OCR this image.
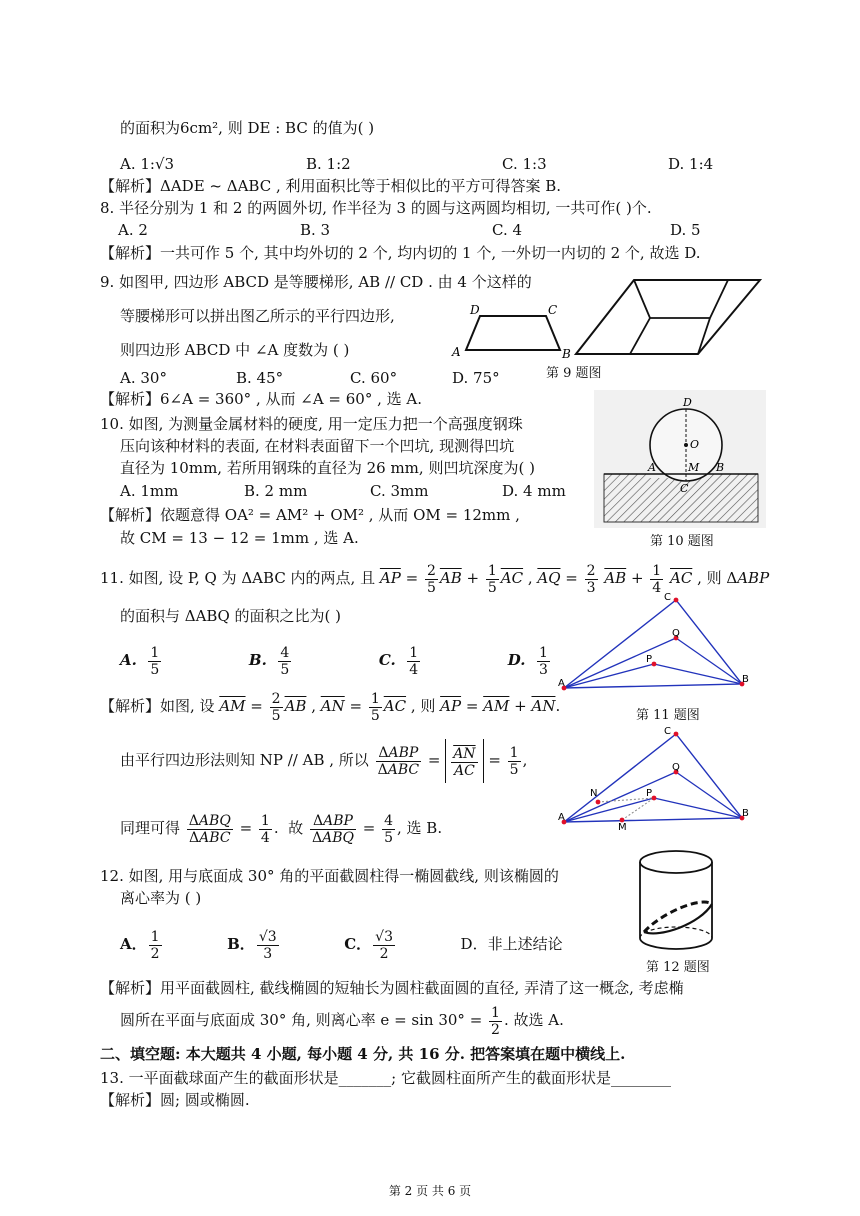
的面积为6cm², 则 DE : BC 的值为( )
A. 1:√3	B. 1:2	C. 1:3	D. 1:4
【解析】ΔADE ~ ΔABC , 利用面积比等于相似比的平方可得答案 B.
8. 半径分别为 1 和 2 的两圆外切, 作半径为 3 的圆与这两圆均相切, 一共可作( )个.
A. 2	B. 3	C. 4	D. 5
【解析】一共可作 5 个, 其中均外切的 2 个, 均内切的 1 个, 一外切一内切的 2 个, 故选 D.
9. 如图甲, 四边形 ABCD 是等腰梯形, AB // CD . 由 4 个这样的
等腰梯形可以拼出图乙所示的平行四边形,
则四边形 ABCD 中 ∠A 度数为 ( )
A. 30°	B. 45°	C. 60°	D. 75°
【解析】6∠A = 360° , 从而 ∠A = 60° , 选 A.
D	C
A	B
第 9 题图
10. 如图, 为测量金属材料的硬度, 用一定压力把一个高强度钢珠
压向该种材料的表面, 在材料表面留下一个凹坑, 现测得凹坑
直径为 10mm, 若所用钢珠的直径为 26 mm, 则凹坑深度为( )
A. 1mm	B. 2 mm	C. 3mm	D. 4 mm
【解析】依题意得 OA² = AM² + OM² , 从而 OM = 12mm ,
故 CM = 13 − 12 = 1mm , 选 A.
D
O
A	M B
C
第 10 题图
11. 如图, 设 P, Q 为 ΔABC 内的两点, 且 $\overline{AP} = \frac{2}{5} \overline{AB} + \frac{1}{5} \overline{AC}$ , $\overline{AQ} = \frac{2}{3} \overline{AB} + \frac{1}{4} \overline{AC}$ , 则 ΔABP
的面积与 ΔABQ 的面积之比为( )
A. $\frac{1}{5}$	B. $\frac{4}{5}$	C. $\frac{1}{4}$	D. $\frac{1}{3}$
【解析】如图, 设 $\overline{AM} = \frac{2}{5} \overline{AB}$ , $\overline{AN} = \frac{1}{5} \overline{AC}$ , 则 $\overline{AP} = \overline{AM} + \overline{AN}$.
由平行四边形法则知 NP // AB , 所以 $\frac{\text{ΔABP}}{\text{ΔABC}} = \frac{\overline{AN}}{AC} = \frac{1}{5}$ ,
同理可得 $\frac{\text{ΔABQ}}{\text{ΔABC}} = \frac{1}{4}$ .  故 $\frac{\text{ΔABP}}{\text{ΔABQ}} = \frac{4}{5}$ , 选 B.
A
C
B
Q
P
第 11 题图
A
C
B
Q
P
N
M
12. 如图, 用与底面成 30° 角的平面截圆柱得一椭圆截线, 则该椭圆的
离心率为 ( )
A． $\frac{1}{2}$	B． $\frac{√3}{3}$	C． $\frac{√3}{2}$	D．非上述结论
第 12 题图
【解析】用平面截圆柱, 截线椭圆的短轴长为圆柱截面圆的直径, 弄清了这一概念, 考虑椭
圆所在平面与底面成 30° 角, 则离心率 $e = \sin 30^\circ = \frac{1}{2}$ . 故选 A.
二、填空题: 本大题共 4 小题, 每小题 4 分, 共 16 分. 把答案填在题中横线上.
13. 一平面截球面产生的截面形状是_______; 它截圆柱面所产生的截面形状是________
【解析】圆; 圆或椭圆.
第 2 页 共 6 页
